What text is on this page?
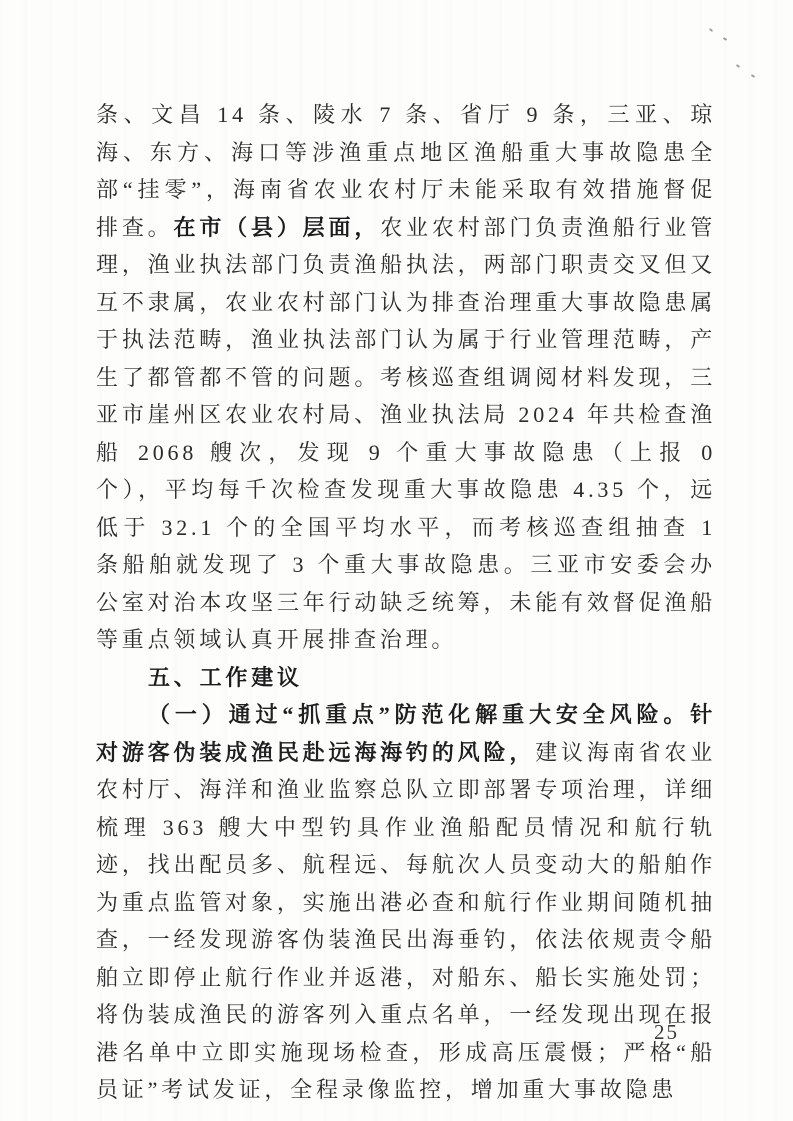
条、文昌 14 条、陵水 7 条、省厅 9 条，三亚、琼海、东方、海口等涉渔重点地区渔船重大事故隐患全部“挂零”，海南省农业农村厅未能采取有效措施督促排查。在市（县）层面，农业农村部门负责渔船行业管理，渔业执法部门负责渔船执法，两部门职责交叉但又互不隶属，农业农村部门认为排查治理重大事故隐患属于执法范畴，渔业执法部门认为属于行业管理范畴，产生了都管都不管的问题。考核巡查组调阅材料发现，三亚市崖州区农业农村局、渔业执法局 2024 年共检查渔船 2068 艘次，发现 9 个重大事故隐患（上报 0 个），平均每千次检查发现重大事故隐患 4.35 个，远低于 32.1 个的全国平均水平，而考核巡查组抽查 1 条船舶就发现了 3 个重大事故隐患。三亚市安委会办公室对治本攻坚三年行动缺乏统筹，未能有效督促渔船等重点领域认真开展排查治理。

五、工作建议

（一）通过“抓重点”防范化解重大安全风险。针对游客伪装成渔民赴远海海钓的风险，建议海南省农业农村厅、海洋和渔业监察总队立即部署专项治理，详细梳理 363 艘大中型钓具作业渔船配员情况和航行轨迹，找出配员多、航程远、每航次人员变动大的船舶作为重点监管对象，实施出港必查和航行作业期间随机抽查，一经发现游客伪装渔民出海垂钓，依法依规责令船舶立即停止航行作业并返港，对船东、船长实施处罚；将伪装成渔民的游客列入重点名单，一经发现出现在报港名单中立即实施现场检查，形成高压震慑；严格“船员证”考试发证，全程录像监控，增加重大事故隐患

25
